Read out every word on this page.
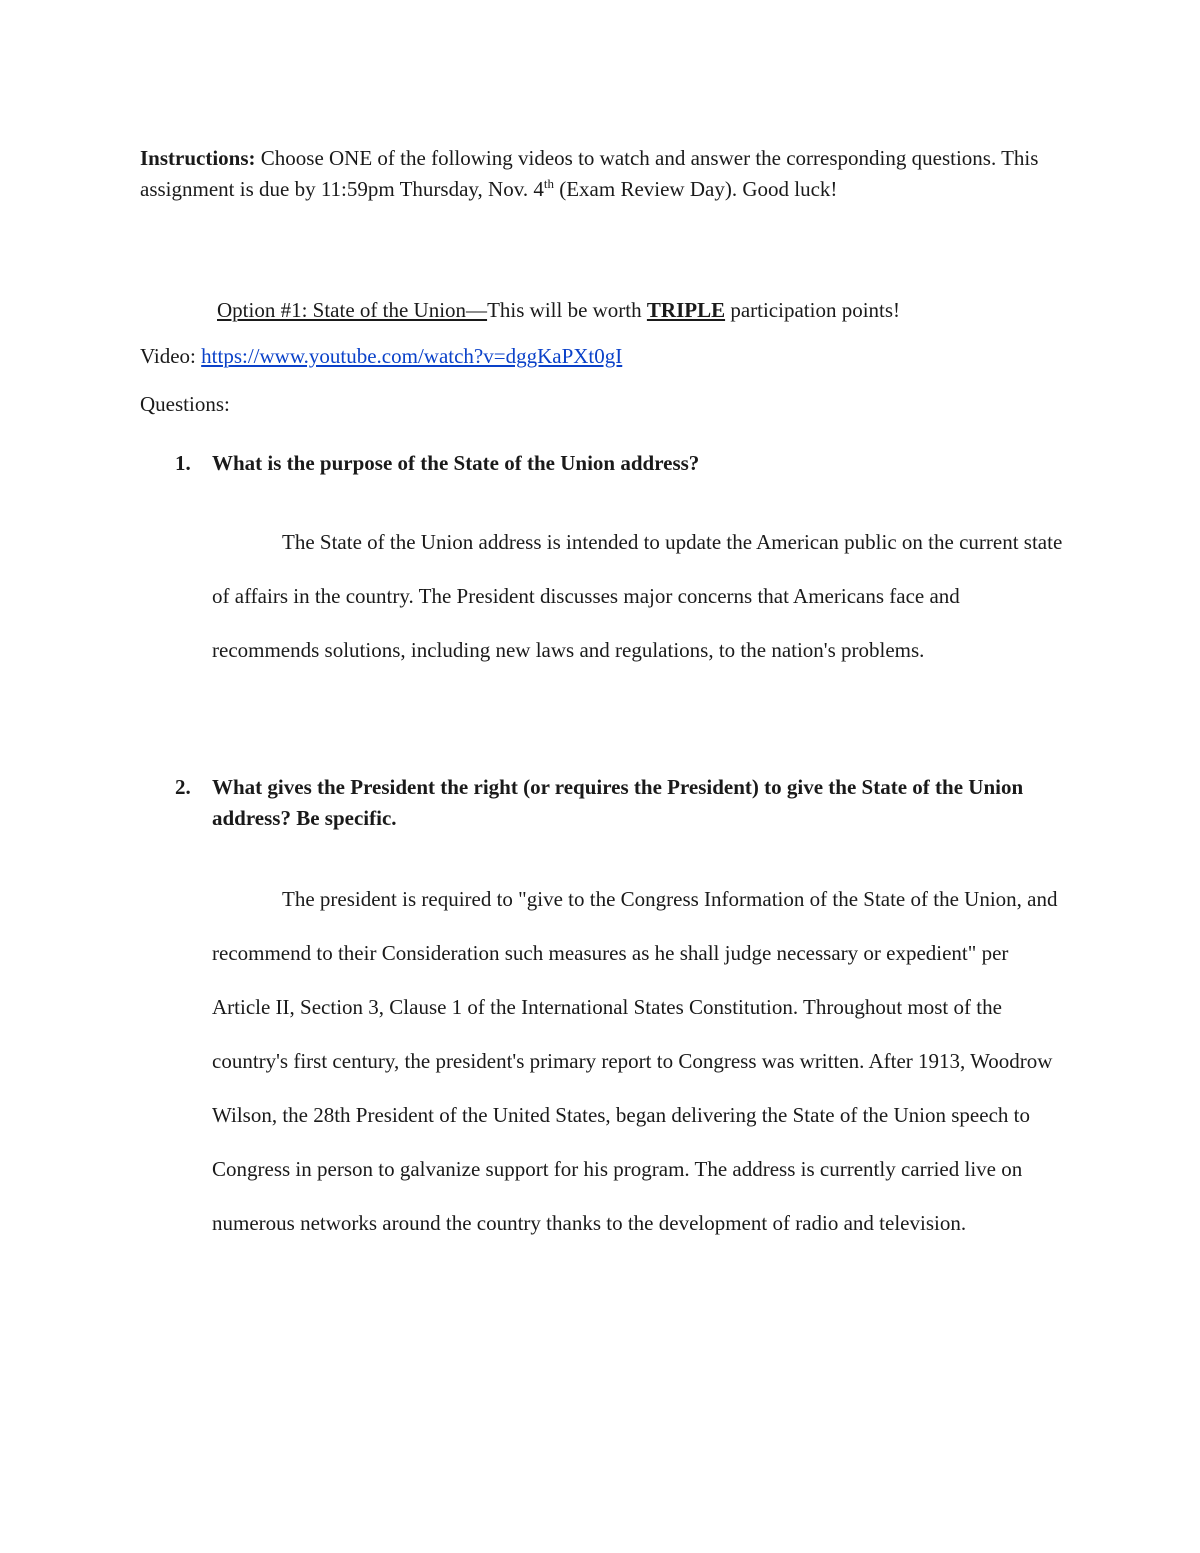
Instructions: Choose ONE of the following videos to watch and answer the corresponding questions. This assignment is due by 11:59pm Thursday, Nov. 4th (Exam Review Day). Good luck!
Option #1: State of the Union—This will be worth TRIPLE participation points!
Video: https://www.youtube.com/watch?v=dggKaPXt0gI
Questions:
1. What is the purpose of the State of the Union address?
The State of the Union address is intended to update the American public on the current state of affairs in the country. The President discusses major concerns that Americans face and recommends solutions, including new laws and regulations, to the nation's problems.
2. What gives the President the right (or requires the President) to give the State of the Union address? Be specific.
The president is required to "give to the Congress Information of the State of the Union, and recommend to their Consideration such measures as he shall judge necessary or expedient" per Article II, Section 3, Clause 1 of the International States Constitution. Throughout most of the country's first century, the president's primary report to Congress was written. After 1913, Woodrow Wilson, the 28th President of the United States, began delivering the State of the Union speech to Congress in person to galvanize support for his program. The address is currently carried live on numerous networks around the country thanks to the development of radio and television.
